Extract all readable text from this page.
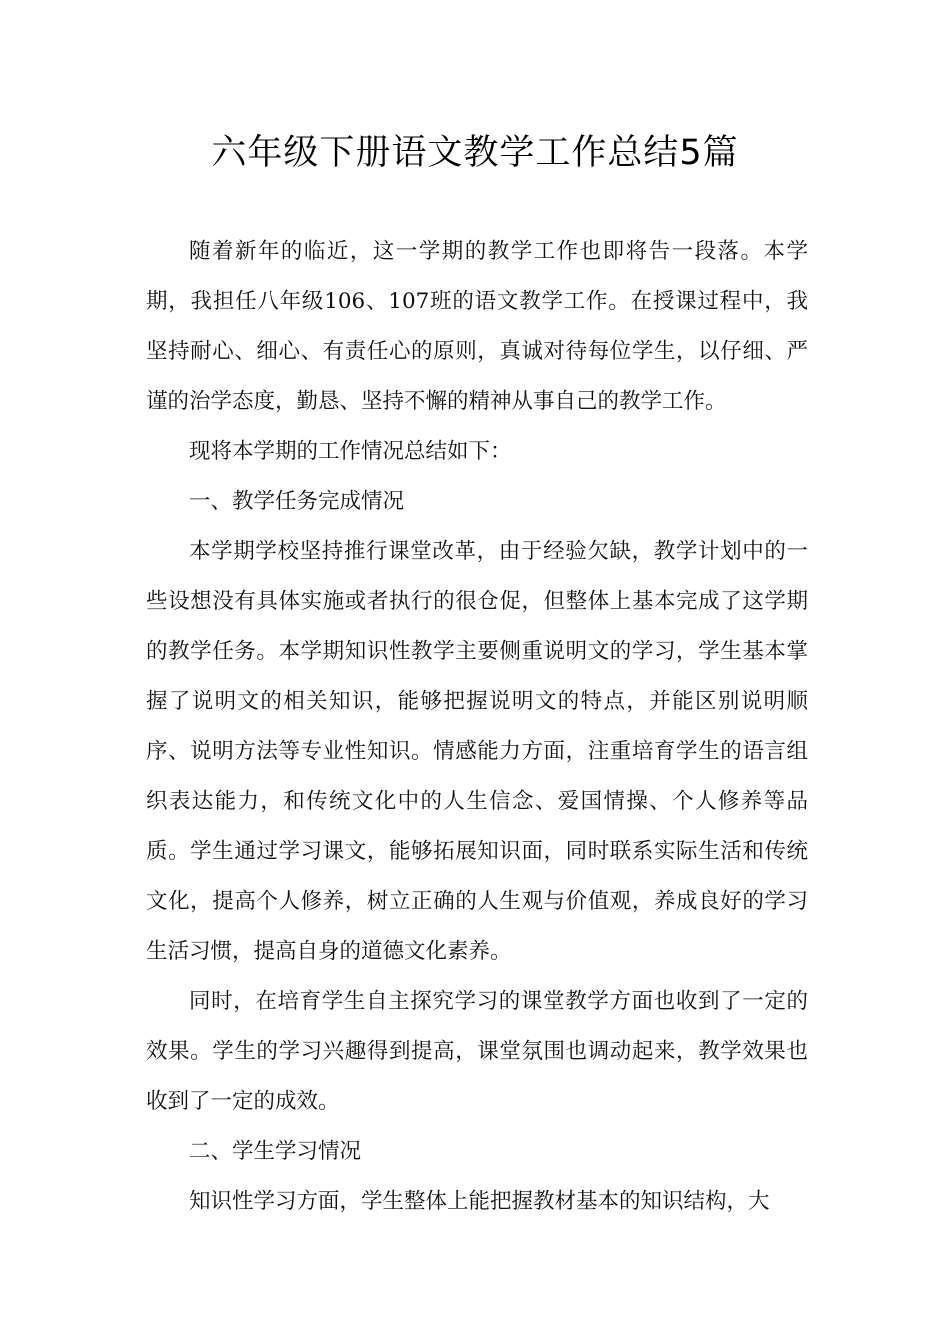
六年级下册语文教学工作总结5篇

随着新年的临近，这一学期的教学工作也即将告一段落。本学期，我担任八年级106、107班的语文教学工作。在授课过程中，我坚持耐心、细心、有责任心的原则，真诚对待每位学生，以仔细、严谨的治学态度，勤恳、坚持不懈的精神从事自己的教学工作。

现将本学期的工作情况总结如下：

一、教学任务完成情况

本学期学校坚持推行课堂改革，由于经验欠缺，教学计划中的一些设想没有具体实施或者执行的很仓促，但整体上基本完成了这学期的教学任务。本学期知识性教学主要侧重说明文的学习，学生基本掌握了说明文的相关知识，能够把握说明文的特点，并能区别说明顺序、说明方法等专业性知识。情感能力方面，注重培育学生的语言组织表达能力，和传统文化中的人生信念、爱国情操、个人修养等品质。学生通过学习课文，能够拓展知识面，同时联系实际生活和传统文化，提高个人修养，树立正确的人生观与价值观，养成良好的学习生活习惯，提高自身的道德文化素养。

同时，在培育学生自主探究学习的课堂教学方面也收到了一定的效果。学生的学习兴趣得到提高，课堂氛围也调动起来，教学效果也收到了一定的成效。

二、学生学习情况

知识性学习方面，学生整体上能把握教材基本的知识结构，大
